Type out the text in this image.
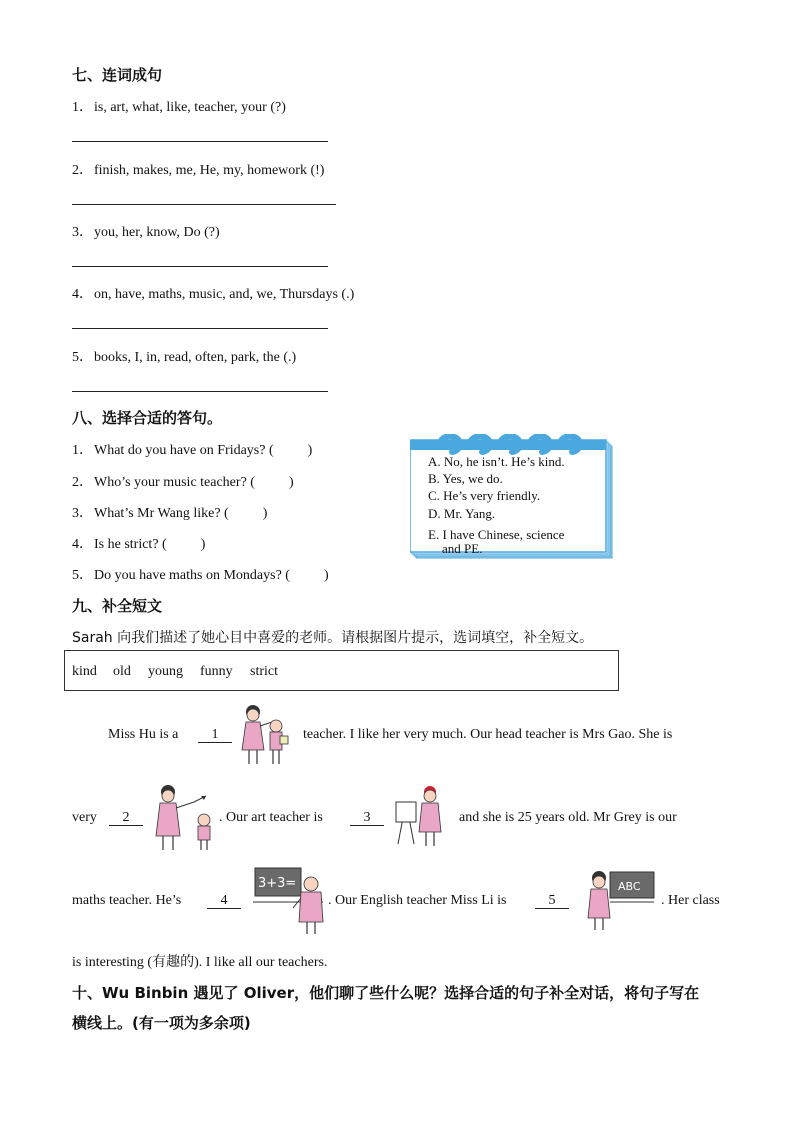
七、连词成句
1．is, art, what, like, teacher, your (?)
2．finish, makes, me, He, my, homework (!)
3．you, her, know, Do (?)
4．on, have, maths, music, and, we, Thursdays (.)
5．books, I, in, read, often, park, the (.)
八、选择合适的答句。
1．What do you have on Fridays? ( )
2．Who’s your music teacher? ( )
3．What’s Mr Wang like? ( )
4．Is he strict? ( )
5．Do you have maths on Mondays? ( )
A. No, he isn’t. He’s kind.
B. Yes, we do.
C. He’s very friendly.
D. Mr. Yang.
E. I have Chinese, science
and PE.
九、补全短文
Sarah 向我们描述了她心目中喜爱的老师。请根据图片提示，选词填空，补全短文。
kind old young funny strict
Miss Hu is a	1	teacher. I like her very much. Our head teacher is Mrs Gao. She is
very	2	. Our art teacher is	3	and she is 25 years old. Mr Grey is our
maths teacher. He’s	4
3+3=
. Our English teacher Miss Li is	5
ABC
. Her class
is interesting (有趣的). I like all our teachers.
十、Wu Binbin 遇见了 Oliver，他们聊了些什么呢？选择合适的句子补全对话，将句子写在
横线上。(有一项为多余项)
